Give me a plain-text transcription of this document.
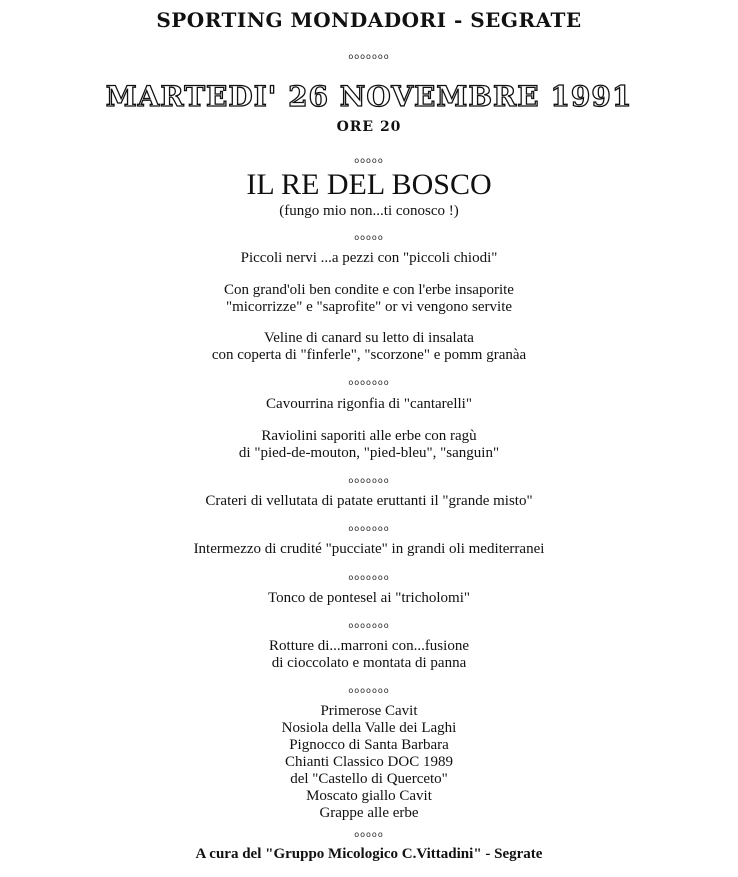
SPORTING MONDADORI - SEGRATE
ooooooo
MARTEDI' 26 NOVEMBRE 1991
ORE 20
ooooo
IL RE DEL BOSCO
(fungo mio non...ti conosco !)
ooooo
Piccoli nervi ...a pezzi con "piccoli chiodi"
Con grand'oli ben condite e con l'erbe insaporite
"micorrizze" e "saprofite" or vi vengono servite
Veline di canard su letto di insalata
con coperta di "finferle", "scorzone" e pomm granàa
ooooooo
Cavourrina rigonfia di "cantarelli"
Raviolini saporiti alle erbe con ragù
di "pied-de-mouton, "pied-bleu", "sanguin"
ooooooo
Crateri di vellutata di patate eruttanti il "grande misto"
ooooooo
Intermezzo di crudité "pucciate" in grandi oli mediterranei
ooooooo
Tonco de pontesel ai "tricholomi"
ooooooo
Rotture di...marroni con...fusione
di cioccolato e montata di panna
ooooooo
Primerose Cavit
Nosiola della Valle dei Laghi
Pignocco di Santa Barbara
Chianti Classico DOC 1989
del "Castello di Querceto"
Moscato giallo Cavit
Grappe alle erbe
ooooo
A cura del "Gruppo Micologico C.Vittadini" - Segrate
